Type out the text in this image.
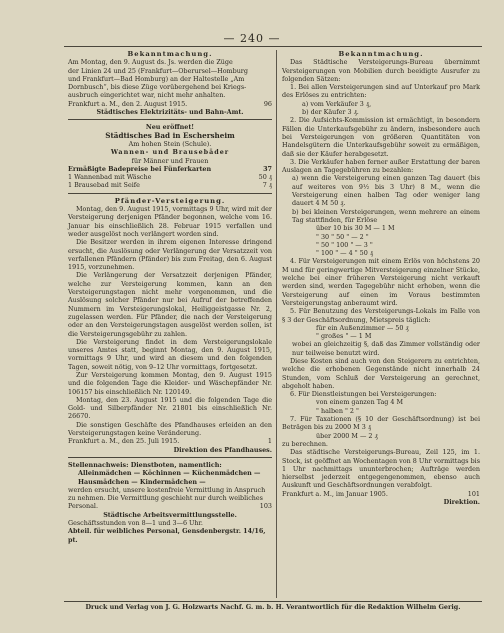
— 240 —
Bekanntmachung.

Am Montag, den 9. August ds. Js. werden die Züge

der Linien 24 und 25 (Frankfurt—Oberursel—Homburg

und Frankfurt—Bad Homburg) an der Haltestelle „Am

Dornbusch“, bis diese Züge vorübergehend bei Kriegs-

ausbruch eingerichtet war, nicht mehr anhalten.

Frankfurt a. M., den 2. August 1915.	96

Städtisches Elektrizitäts- und Bahn-Amt.

Neu eröffnet!

Städtisches Bad in Eschersheim

Am hohen Stein (Schule).

Wannen- und Brausebäder

für Männer und Frauen

Ermäßigte Badepreise bei Fünferkarten	37
1 Wannenbad mit Wäsche	50 ₰
1 Brausebad mit Seife	7 ₰
Pfänder-Versteigerung.

Montag, den 9. August 1915, vormittags 9 Uhr, wird mit der Versteigerung derjenigen Pfänder begonnen, welche vom 16. Januar bis einschließlich 28. Februar 1915 verfallen und weder ausgelöst noch verlängert worden sind.

Die Besitzer werden in ihrem eigenen Interesse dringend ersucht, die Auslösung oder Verlängerung der Versatzzeit von verfallenen Pfändern (Pfänder) bis zum Freitag, den 6. August 1915, vorzunehmen.

Die Verlängerung der Versatzzeit derjenigen Pfänder, welche zur Versteigerung kommen, kann an den Versteigerungstagen nicht mehr vorgenommen, und die Auslösung solcher Pfänder nur bei Aufruf der betreffenden Nummern im Versteigerungslokal, Heiliggeistgasse Nr. 2, zugelassen werden. Für Pfänder, die nach der Versteigerung oder an den Versteigerungstagen ausgelöst werden sollen, ist die Versteigerungsgebühr zu zahlen.

Die Versteigerung findet in dem Versteigerungslokale unseres Amtes statt, beginnt Montag, den 9. August 1915, vormittags 9 Uhr, und wird an diesem und den folgenden Tagen, soweit nötig, von 9–12 Uhr vormittags, fortgesetzt.

Zur Versteigerung kommen Montag, den 9. August 1915 und die folgenden Tage die Kleider- und Wäschepfänder Nr. 106157 bis einschließlich Nr. 120149.

Montag, den 23. August 1915 und die folgenden Tage die Gold- und Silberpfänder Nr. 21801 bis einschließlich Nr. 26670.

Die sonstigen Geschäfte des Pfandhauses erleiden an den Versteigerungstagen keine Veränderung.

Frankfurt a. M., den 25. Juli 1915.	1

Direktion des Pfandhauses.

Stellennachweis: Dienstboten, namentlich:

Alleinmädchen — Köchinnen — Küchenmädchen —

Hausmädchen — Kindermädchen —

werden ersucht, unsere kostenfreie Vermittlung in Anspruch

zu nehmen. Die Vermittlung geschieht nur durch weibliches

Personal.	103

Städtische Arbeitsvermittlungsstelle.

Geschäftsstunden von 8—1 und 3—6 Uhr.

Abteil. für weibliches Personal, Gensdenbergstr. 14/16, pt.

Bekanntmachung.

Das Städtische Versteigerungs-Bureau übernimmt Versteigerungen von Mobilien durch beeidigte Ausrufer zu folgenden Sätzen:

1. Bei allen Versteigerungen sind auf Unterkauf pro Mark des Erlöses zu entrichten:

a) vom Verkäufer 3 ₰,

b) der Käufer 3 ₰.

2. Die Aufsichts-Kommission ist ermächtigt, in besondern Fällen die Unterkaufsgebühr zu ändern, insbesondere auch bei Versteigerungen von größeren Quantitäten von Handelsgütern die Unterkaufsgebühr soweit zu ermäßigen, daß sie der Käufer herabgesetzt.

3. Die Verkäufer haben ferner außer Erstattung der baren Auslagen an Tagegebühren zu bezahlen:

a) wenn die Versteigerung einen ganzen Tag dauert (bis auf weiteres von 9½ bis 3 Uhr) 8 M., wenn die Versteigerung einen halben Tag oder weniger lang dauert 4 M 50 ₰.

b) bei kleinen Versteigerungen, wenn mehrere an einem Tag stattfinden, für Erlöse

über 10 bis 30 M — 1 M

" 30 " 50 " — 2 "

" 50 " 100 " — 3 "

" 100 " — 4 " 50 ₰

4. Für Versteigerungen mit einem Erlös von höchstens 20 M und für geringwertige Mitversteigerung einzelner Stücke, welche bei einer früheren Versteigerung nicht verkauft werden sind, werden Tagegebühr nicht erhoben, wenn die Versteigerung auf einen im Voraus bestimmten Versteigerungstag anberaumt wird.

5. Für Benutzung des Versteigerungs-Lokals im Falle von § 3 der Geschäftsordnung, Mietspreis täglich:

für ein Außenzimmer — 50 ₰

" großes " — 1 M

wobei an gleichzeitig §, daß das Zimmer vollständig oder nur teilweise benutzt wird.

Diese Kosten sind auch von den Steigerern zu entrichten, welche die erhobenen Gegenstände nicht innerhalb 24 Stunden, vom Schluß der Versteigerung an gerechnet, abgeholt haben.

6. Für Dienstleistungen bei Versteigerungen:

von einem ganzen Tag 4 M

" halben " 2 "

7. Für Taxationen (§ 10 der Geschäftsordnung) ist bei Beträgen bis zu 2000 M 3 ₰

über 2000 M — 2 ₰

zu berechnen.

Das städtische Versteigerungs-Bureau, Zeil 125, im 1. Stock, ist geöffnet an Wochentagen von 8 Uhr vormittags bis 1 Uhr nachmittags ununterbrochen; Aufträge werden hierselbst jederzeit entgegengenommen, ebenso auch Auskunft und Geschäftsordnungen verabfolgt.

Frankfurt a. M., im Januar 1905.	101

Direktion.

Druck und Verlag von J. G. Holzwarts Nachf. G. m. b. H. Verantwortlich für die Redaktion Wilhelm Gerig.
